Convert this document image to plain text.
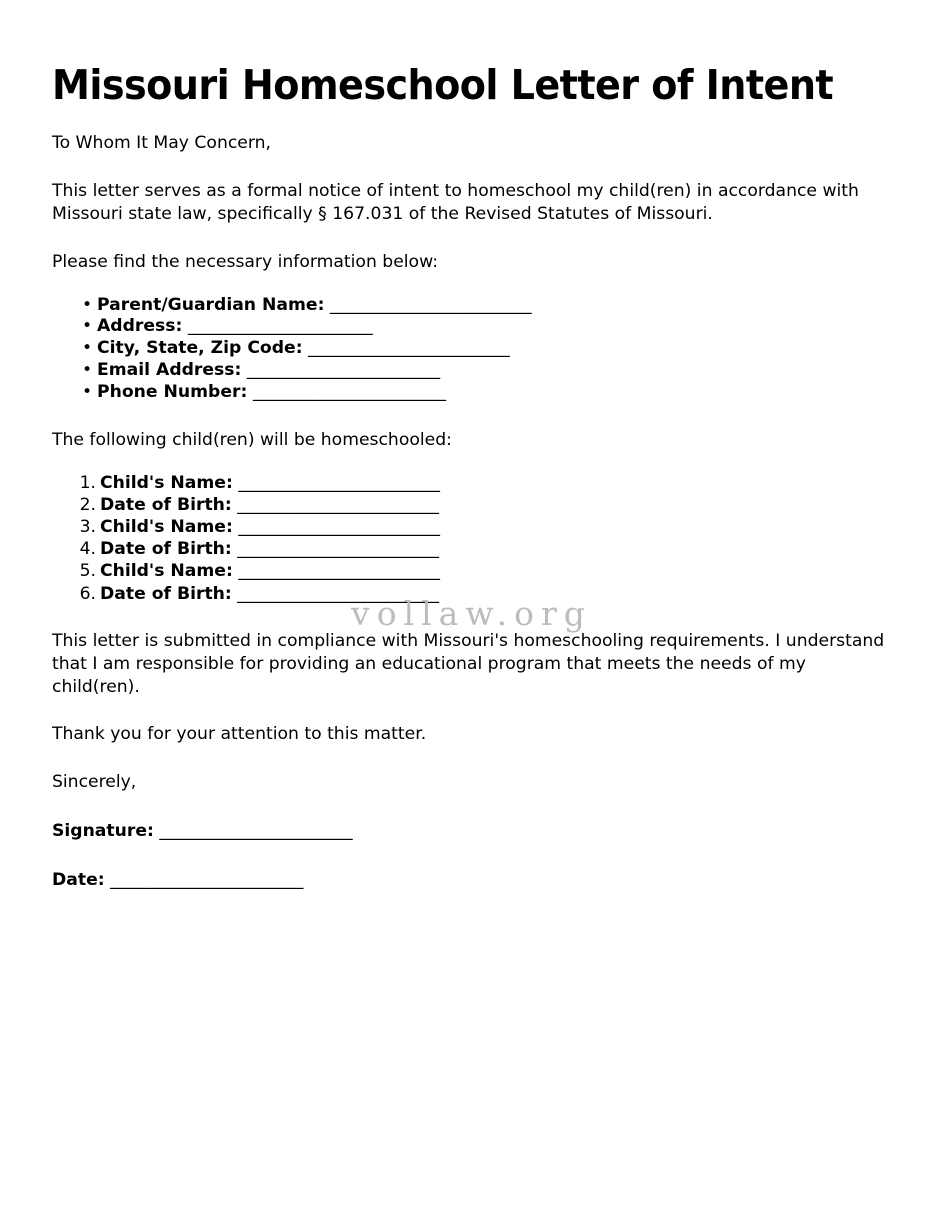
vollaw.org
Missouri Homeschool Letter of Intent

To Whom It May Concern,

This letter serves as a formal notice of intent to homeschool my child(ren) in accordance with Missouri state law, specifically § 167.031 of the Revised Statutes of Missouri.

Please find the necessary information below:

• Parent/Guardian Name: ________________________
• Address: ______________________
• City, State, Zip Code: ________________________
• Email Address: _______________________
• Phone Number: _______________________

The following child(ren) will be homeschooled:

1. Child's Name: ________________________
2. Date of Birth: ________________________
3. Child's Name: ________________________
4. Date of Birth: ________________________
5. Child's Name: ________________________
6. Date of Birth: ________________________

This letter is submitted in compliance with Missouri's homeschooling requirements. I understand that I am responsible for providing an educational program that meets the needs of my child(ren).

Thank you for your attention to this matter.

Sincerely,

Signature: _______________________
Date: _______________________
